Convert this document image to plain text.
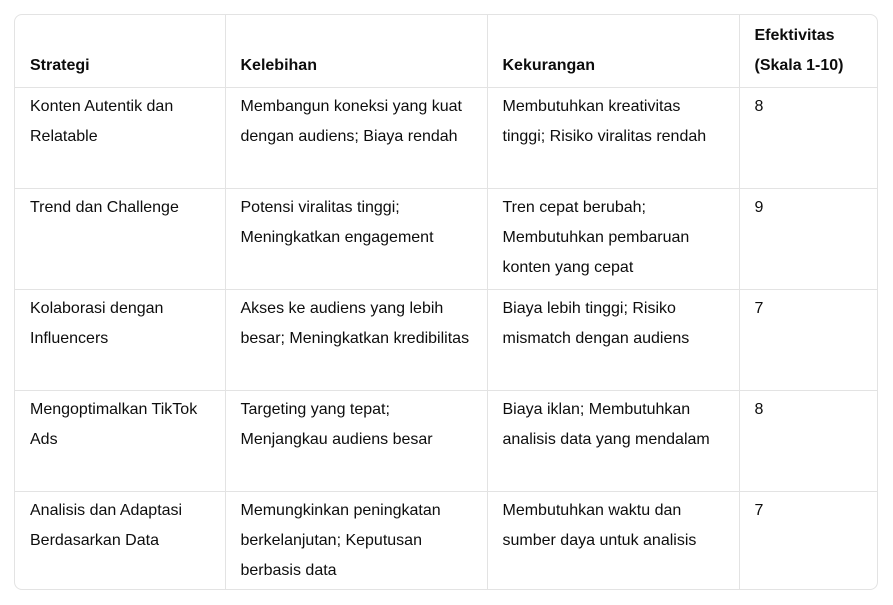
Strategi	Kelebihan	Kekurangan	Efektivitas (Skala 1-10)
Konten Autentik dan Relatable	Membangun koneksi yang kuat dengan audiens; Biaya rendah	Membutuhkan kreativitas tinggi; Risiko viralitas rendah	8
Trend dan Challenge	Potensi viralitas tinggi; Meningkatkan engagement	Tren cepat berubah; Membutuhkan pembaruan konten yang cepat	9
Kolaborasi dengan Influencers	Akses ke audiens yang lebih besar; Meningkatkan kredibilitas	Biaya lebih tinggi; Risiko mismatch dengan audiens	7
Mengoptimalkan TikTok Ads	Targeting yang tepat; Menjangkau audiens besar	Biaya iklan; Membutuhkan analisis data yang mendalam	8
Analisis dan Adaptasi Berdasarkan Data	Memungkinkan peningkatan berkelanjutan; Keputusan berbasis data	Membutuhkan waktu dan sumber daya untuk analisis	7
